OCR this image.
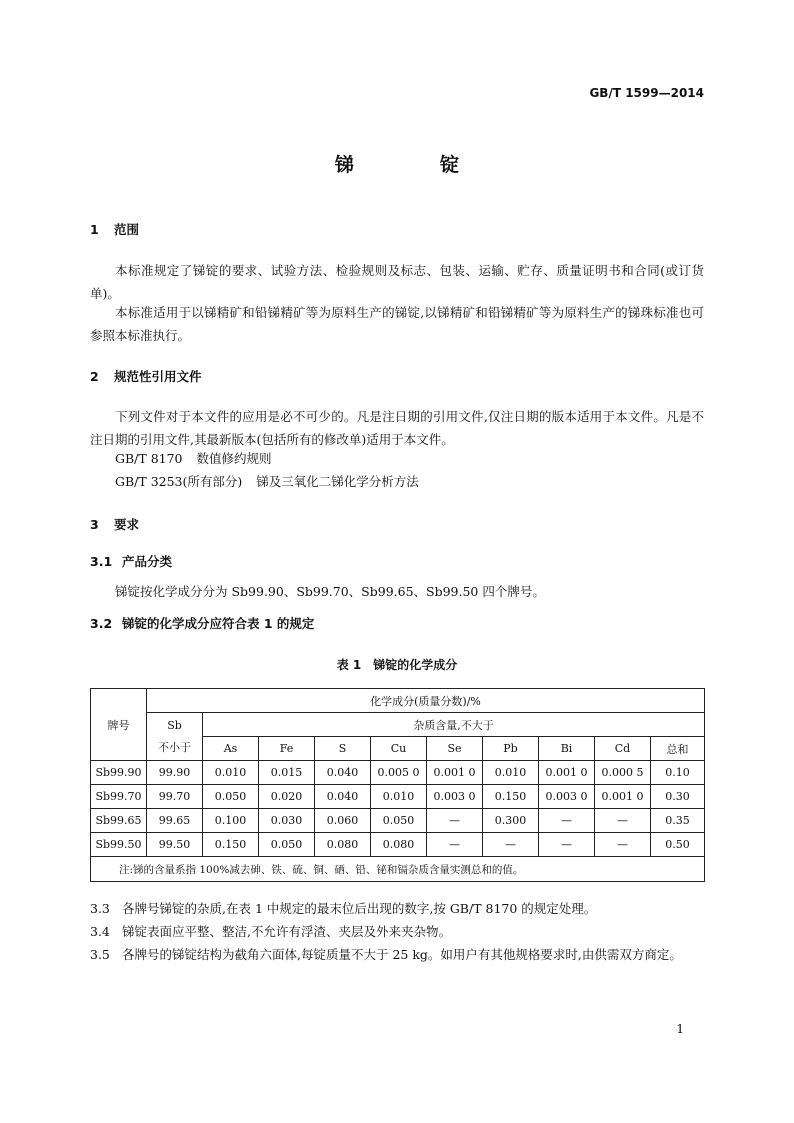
GB/T 1599—2014
锑	锭
1 范围
本标准规定了锑锭的要求、试验方法、检验规则及标志、包装、运输、贮存、质量证明书和合同(或订货单)。
本标准适用于以锑精矿和铅锑精矿等为原料生产的锑锭,以锑精矿和铅锑精矿等为原料生产的锑珠标准也可参照本标准执行。
2 规范性引用文件
下列文件对于本文件的应用是必不可少的。凡是注日期的引用文件,仅注日期的版本适用于本文件。凡是不注日期的引用文件,其最新版本(包括所有的修改单)适用于本文件。
GB/T 8170 数值修约规则
GB/T 3253(所有部分) 锑及三氧化二锑化学分析方法
3 要求
3.1 产品分类
锑锭按化学成分分为 Sb99.90、Sb99.70、Sb99.65、Sb99.50 四个牌号。
3.2 锑锭的化学成分应符合表 1 的规定
表 1　锑锭的化学成分
牌号	化学成分(质量分数)/%									

	Sb
不小于	杂质含量,不大于								
		As	Fe	S	Cu	Se	Pb	Bi	Cd	总和
Sb99.90	99.90	0.010	0.015	0.040	0.005 0	0.001 0	0.010	0.001 0	0.000 5	0.10
Sb99.70	99.70	0.050	0.020	0.040	0.010	0.003 0	0.150	0.003 0	0.001 0	0.30
Sb99.65	99.65	0.100	0.030	0.060	0.050	—	0.300	—	—	0.35
Sb99.50	99.50	0.150	0.050	0.080	0.080	—	—	—	—	0.50
注:锑的含量系指 100%减去砷、铁、硫、铜、硒、铅、铋和镉杂质含量实测总和的值。										
3.3 各牌号锑锭的杂质,在表 1 中规定的最末位后出现的数字,按 GB/T 8170 的规定处理。
3.4 锑锭表面应平整、整洁,不允许有浮渣、夹层及外来夹杂物。
3.5 各牌号的锑锭结构为截角六面体,每锭质量不大于 25 kg。如用户有其他规格要求时,由供需双方商定。
1
